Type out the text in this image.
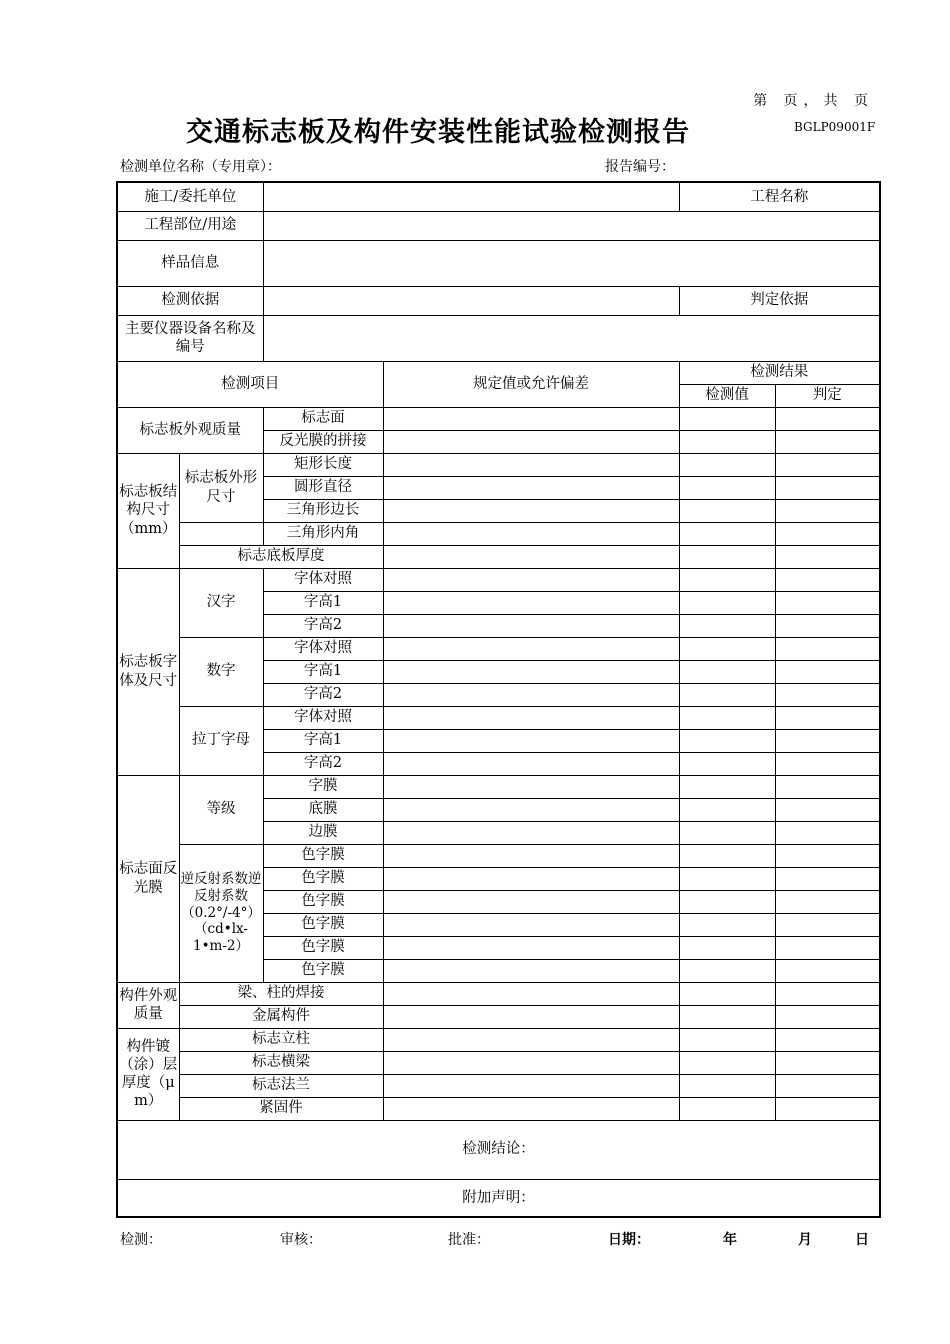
第 页，共 页
交通标志板及构件安装性能试验检测报告	BGLP09001F
检测单位名称（专用章）：	报告编号：
施工/委托单位				工程名称	
工程部位/用途					
样品信息					
检测依据				判定依据	
主要仪器设备名称及编号					
检测项目			规定值或允许偏差	检测结果	
				检测值	判定
标志板外观质量		标志面			
		反光膜的拼接			
标志板结构尺寸（mm）	标志板外形尺寸	矩形长度			
		圆形直径			
		三角形边长			
		三角形内角			
	标志底板厚度				
标志板字体及尺寸	汉字	字体对照			
		字高1			
		字高2			
	数字	字体对照			
		字高1			
		字高2			
	拉丁字母	字体对照			
		字高1			
		字高2			
标志面反光膜	等级	字膜			
		底膜			
		边膜			
	逆反射系数逆反射系数（0.2°/-4°）（cd•lx-1•m-2）	色字膜			
		色字膜			
		色字膜			
		色字膜			
		色字膜			
		色字膜			
构件外观质量	梁、柱的焊接				
	金属构件				
构件镀（涂）层厚度（μ m）	标志立柱				
	标志横梁				
	标志法兰				
	紧固件				
检测结论：					
附加声明：					
检测：	审核：	批准：	日期：	年	月	日
